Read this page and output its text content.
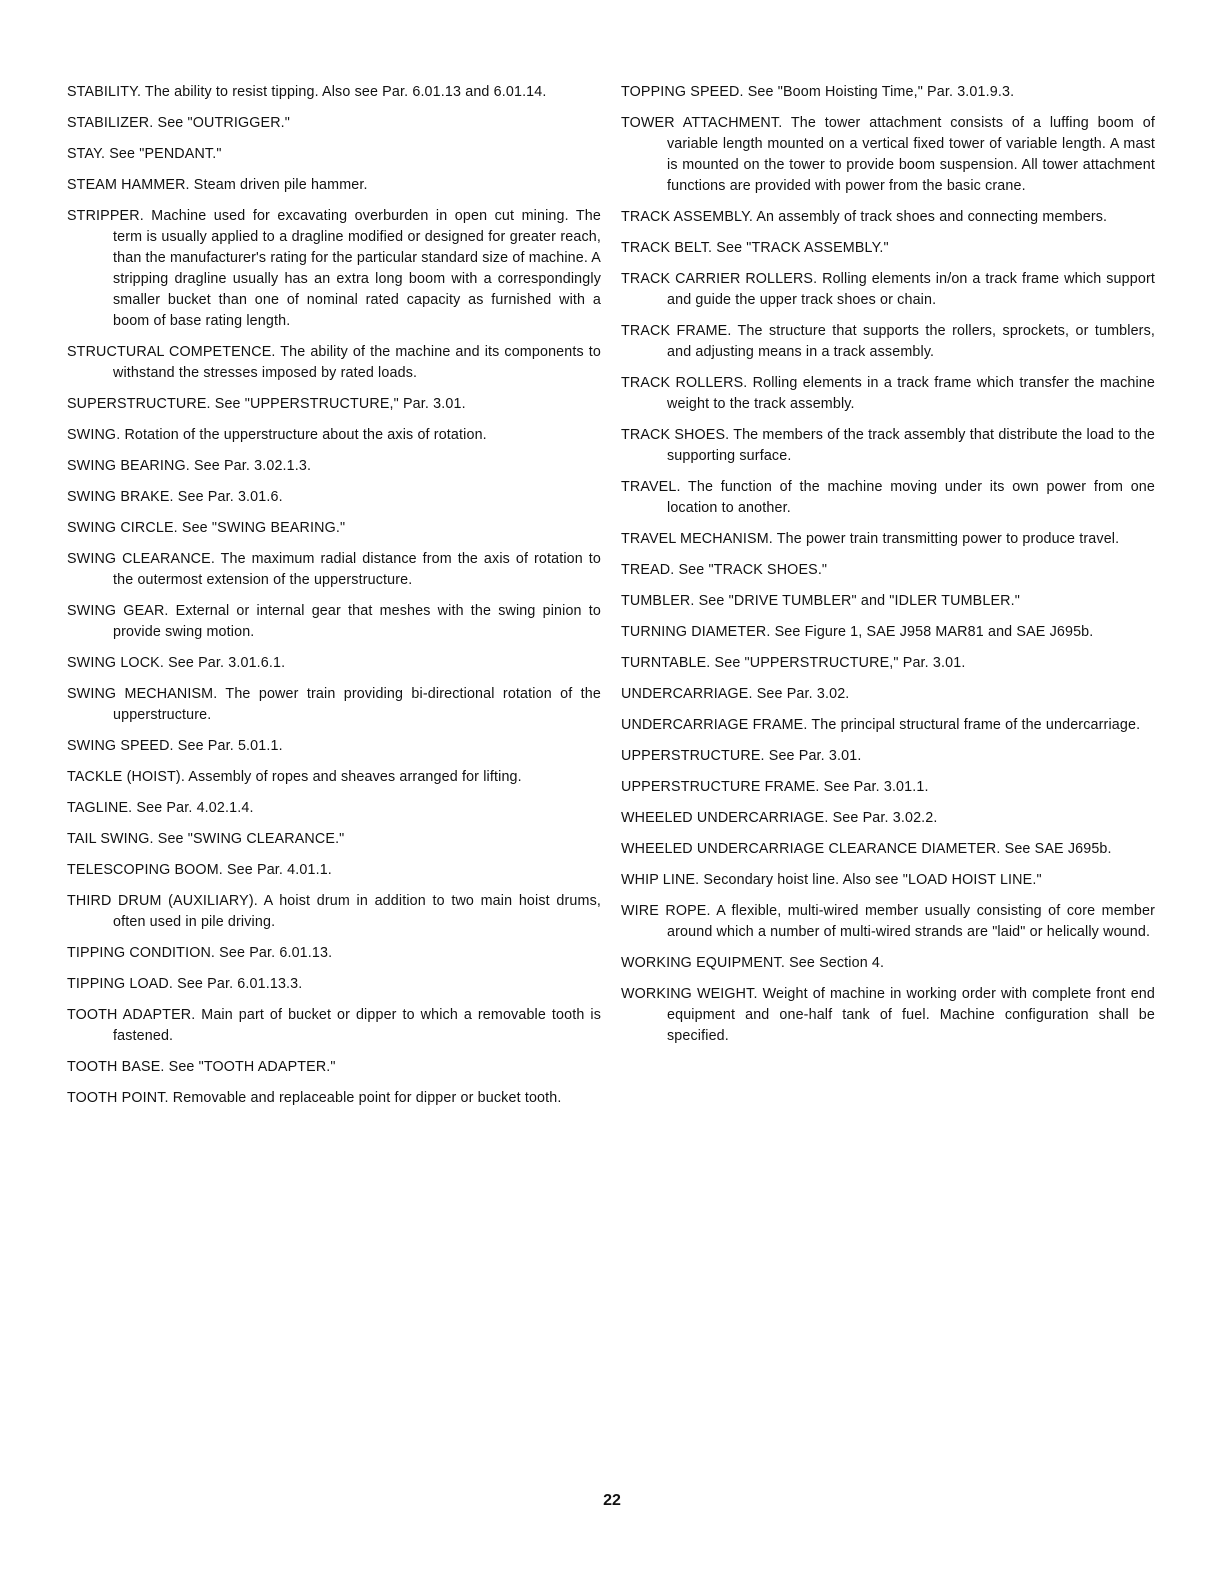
STABILITY. The ability to resist tipping. Also see Par. 6.01.13 and 6.01.14.

STABILIZER. See "OUTRIGGER."

STAY. See "PENDANT."

STEAM HAMMER. Steam driven pile hammer.

STRIPPER. Machine used for excavating overburden in open cut mining. The term is usually applied to a dragline modified or designed for greater reach, than the manufacturer's rating for the particular standard size of machine. A stripping dragline usually has an extra long boom with a correspondingly smaller bucket than one of nominal rated capacity as furnished with a boom of base rating length.

STRUCTURAL COMPETENCE. The ability of the machine and its components to withstand the stresses imposed by rated loads.

SUPERSTRUCTURE. See "UPPERSTRUCTURE," Par. 3.01.

SWING. Rotation of the upperstructure about the axis of rotation.

SWING BEARING. See Par. 3.02.1.3.

SWING BRAKE. See Par. 3.01.6.

SWING CIRCLE. See "SWING BEARING."

SWING CLEARANCE. The maximum radial distance from the axis of rotation to the outermost extension of the upperstructure.

SWING GEAR. External or internal gear that meshes with the swing pinion to provide swing motion.

SWING LOCK. See Par. 3.01.6.1.

SWING MECHANISM. The power train providing bi-directional rotation of the upperstructure.

SWING SPEED. See Par. 5.01.1.

TACKLE (HOIST). Assembly of ropes and sheaves arranged for lifting.

TAGLINE. See Par. 4.02.1.4.

TAIL SWING. See "SWING CLEARANCE."

TELESCOPING BOOM. See Par. 4.01.1.

THIRD DRUM (AUXILIARY). A hoist drum in addition to two main hoist drums, often used in pile driving.

TIPPING CONDITION. See Par. 6.01.13.

TIPPING LOAD. See Par. 6.01.13.3.

TOOTH ADAPTER. Main part of bucket or dipper to which a removable tooth is fastened.

TOOTH BASE. See "TOOTH ADAPTER."

TOOTH POINT. Removable and replaceable point for dipper or bucket tooth.

TOPPING SPEED. See "Boom Hoisting Time," Par. 3.01.9.3.

TOWER ATTACHMENT. The tower attachment consists of a luffing boom of variable length mounted on a vertical fixed tower of variable length. A mast is mounted on the tower to provide boom suspension. All tower attachment functions are provided with power from the basic crane.

TRACK ASSEMBLY. An assembly of track shoes and connecting members.

TRACK BELT. See "TRACK ASSEMBLY."

TRACK CARRIER ROLLERS. Rolling elements in/on a track frame which support and guide the upper track shoes or chain.

TRACK FRAME. The structure that supports the rollers, sprockets, or tumblers, and adjusting means in a track assembly.

TRACK ROLLERS. Rolling elements in a track frame which transfer the machine weight to the track assembly.

TRACK SHOES. The members of the track assembly that distribute the load to the supporting surface.

TRAVEL. The function of the machine moving under its own power from one location to another.

TRAVEL MECHANISM. The power train transmitting power to produce travel.

TREAD. See "TRACK SHOES."

TUMBLER. See "DRIVE TUMBLER" and "IDLER TUMBLER."

TURNING DIAMETER. See Figure 1, SAE J958 MAR81 and SAE J695b.

TURNTABLE. See "UPPERSTRUCTURE," Par. 3.01.

UNDERCARRIAGE. See Par. 3.02.

UNDERCARRIAGE FRAME. The principal structural frame of the undercarriage.

UPPERSTRUCTURE. See Par. 3.01.

UPPERSTRUCTURE FRAME. See Par. 3.01.1.

WHEELED UNDERCARRIAGE. See Par. 3.02.2.

WHEELED UNDERCARRIAGE CLEARANCE DIAMETER. See SAE J695b.

WHIP LINE. Secondary hoist line. Also see "LOAD HOIST LINE."

WIRE ROPE. A flexible, multi-wired member usually consisting of core member around which a number of multi-wired strands are "laid" or helically wound.

WORKING EQUIPMENT. See Section 4.

WORKING WEIGHT. Weight of machine in working order with complete front end equipment and one-half tank of fuel. Machine configuration shall be specified.

22
